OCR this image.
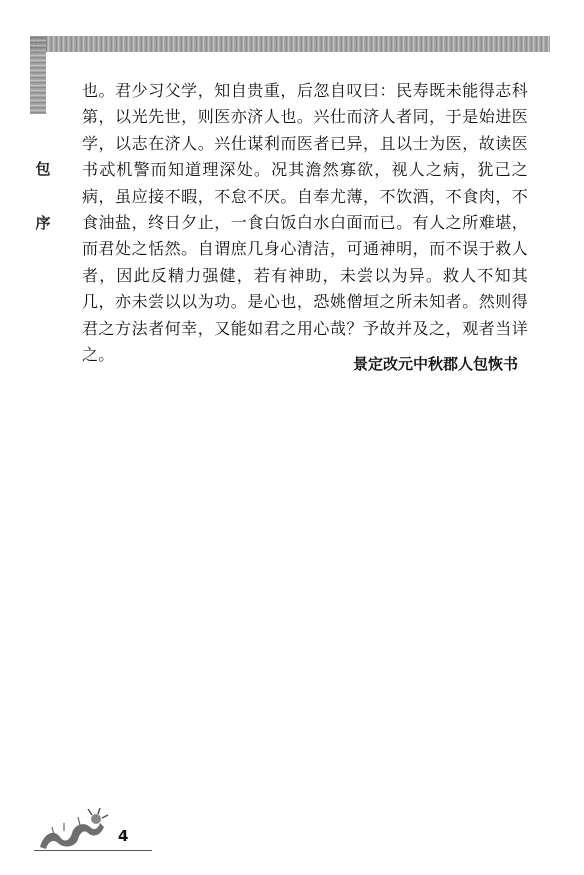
包
序

也。君少习父学，知自贵重，后忽自叹曰：民寿既未能得志科第，以光先世，则医亦济人也。兴仕而济人者同，于是始进医学，以志在济人。兴仕谋利而医者已异，且以士为医，故读医书忒机警而知道理深处。况其澹然寡欲，视人之病，犹己之病，虽应接不暇，不怠不厌。自奉尤薄，不饮酒，不食肉，不食油盐，终日夕止，一食白饭白水白面而已。有人之所难堪，而君处之恬然。自谓庶几身心清洁，可通神明，而不误于救人者，因此反精力强健，若有神助，未尝以为异。救人不知其几，亦未尝以以为功。是心也，恐姚僧垣之所未知者。然则得君之方法者何幸，又能如君之用心哉？予故并及之，观者当详之。	景定改元中秋郡人包恢书
4
